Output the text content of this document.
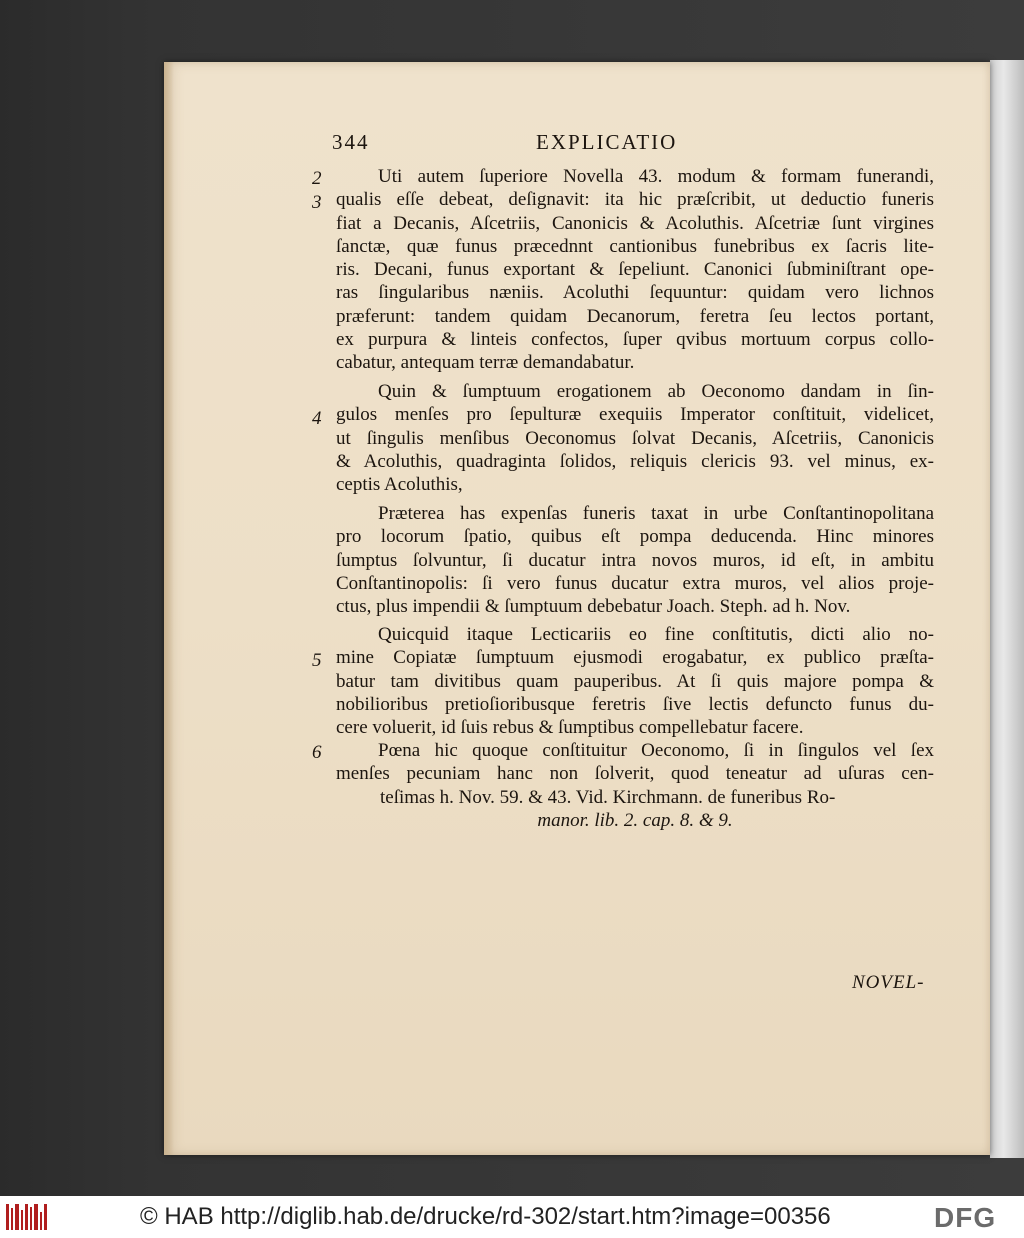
344	EXPLICATIO
2
3
4
5
6
Uti autem ſuperiore Novella 43. modum & formam funerandi,
qualis eſſe debeat, deſignavit: ita hic præſcribit, ut deductio funeris
fiat a Decanis, Aſcetriis, Canonicis & Acoluthis. Aſcetriæ ſunt virgines
ſanctæ, quæ funus præcednnt cantionibus funebribus ex ſacris lite-
ris. Decani, funus exportant & ſepeliunt. Canonici ſubminiſtrant ope-
ras ſingularibus næniis. Acoluthi ſequuntur: quidam vero lichnos
præferunt: tandem quidam Decanorum, feretra ſeu lectos portant,
ex purpura & linteis confectos, ſuper qvibus mortuum corpus collo-
cabatur, antequam terræ demandabatur.
Quin & ſumptuum erogationem ab Oeconomo dandam in ſin-
gulos menſes pro ſepulturæ exequiis Imperator conſtituit, videlicet,
ut ſingulis menſibus Oeconomus ſolvat Decanis, Aſcetriis, Canonicis
& Acoluthis, quadraginta ſolidos, reliquis clericis 93. vel minus, ex-
ceptis Acoluthis,
Præterea has expenſas funeris taxat in urbe Conſtantinopolitana
pro locorum ſpatio, quibus eſt pompa deducenda. Hinc minores
ſumptus ſolvuntur, ſi ducatur intra novos muros, id eſt, in ambitu
Conſtantinopolis: ſi vero funus ducatur extra muros, vel alios proje-
ctus, plus impendii & ſumptuum debebatur Joach. Steph. ad h. Nov.
Quicquid itaque Lecticariis eo fine conſtitutis, dicti alio no-
mine Copiatæ ſumptuum ejusmodi erogabatur, ex publico præſta-
batur tam divitibus quam pauperibus. At ſi quis majore pompa &
nobilioribus pretioſioribusque feretris ſive lectis defuncto funus du-
cere voluerit, id ſuis rebus & ſumptibus compellebatur facere.
Pœna hic quoque conſtituitur Oeconomo, ſi in ſingulos vel ſex
menſes pecuniam hanc non ſolverit, quod teneatur ad uſuras cen-
teſimas h. Nov. 59. & 43. Vid. Kirchmann. de funeribus Ro-
manor. lib. 2. cap. 8. & 9.
NOVEL-
© HAB http://diglib.hab.de/drucke/rd-302/start.htm?image=00356	DFG
